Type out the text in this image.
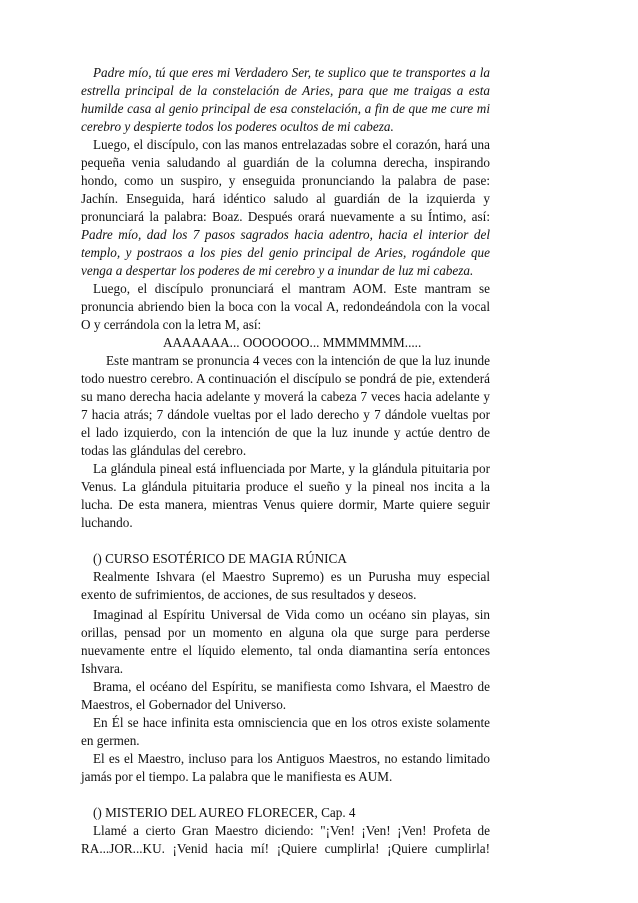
Padre mío, tú que eres mi Verdadero Ser, te suplico que te transportes a la estrella principal de la constelación de Aries, para que me traigas a esta humilde casa al genio principal de esa constelación, a fin de que me cure mi cerebro y despierte todos los poderes ocultos de mi cabeza.

Luego, el discípulo, con las manos entrelazadas sobre el corazón, hará una pequeña venia saludando al guardián de la columna derecha, inspirando hondo, como un suspiro, y enseguida pronunciando la palabra de pase: Jachín. Enseguida, hará idéntico saludo al guardián de la izquierda y pronunciará la palabra: Boaz. Después orará nuevamente a su Íntimo, así: Padre mío, dad los 7 pasos sagrados hacia adentro, hacia el interior del templo, y postraos a los pies del genio principal de Aries, rogándole que venga a despertar los poderes de mi cerebro y a inundar de luz mi cabeza.

Luego, el discípulo pronunciará el mantram AOM. Este mantram se pronuncia abriendo bien la boca con la vocal A, redondeándola con la vocal O y cerrándola con la letra M, así:

AAAAAAA... OOOOOOO... MMMMMMM.....

Este mantram se pronuncia 4 veces con la intención de que la luz inunde todo nuestro cerebro. A continuación el discípulo se pondrá de pie, extenderá su mano derecha hacia adelante y moverá la cabeza 7 veces hacia adelante y 7 hacia atrás; 7 dándole vueltas por el lado derecho y 7 dándole vueltas por el lado izquierdo, con la intención de que la luz inunde y actúe dentro de todas las glándulas del cerebro.

La glándula pineal está influenciada por Marte, y la glándula pituitaria por Venus. La glándula pituitaria produce el sueño y la pineal nos incita a la lucha. De esta manera, mientras Venus quiere dormir, Marte quiere seguir luchando.

() CURSO ESOTÉRICO DE MAGIA RÚNICA

Realmente Ishvara (el Maestro Supremo) es un Purusha muy especial exento de sufrimientos, de acciones, de sus resultados y deseos.

Imaginad al Espíritu Universal de Vida como un océano sin playas, sin orillas, pensad por un momento en alguna ola que surge para perderse nuevamente entre el líquido elemento, tal onda diamantina sería entonces Ishvara.

Brama, el océano del Espíritu, se manifiesta como Ishvara, el Maestro de Maestros, el Gobernador del Universo.

En Él se hace infinita esta omnisciencia que en los otros existe solamente en germen.

El es el Maestro, incluso para los Antiguos Maestros, no estando limitado jamás por el tiempo. La palabra que le manifiesta es AUM.

() MISTERIO DEL AUREO FLORECER, Cap. 4

Llamé a cierto Gran Maestro diciendo: "¡Ven! ¡Ven! ¡Ven! Profeta de RA...JOR...KU. ¡Venid hacia mí! ¡Quiere cumplirla! ¡Quiere cumplirla!
